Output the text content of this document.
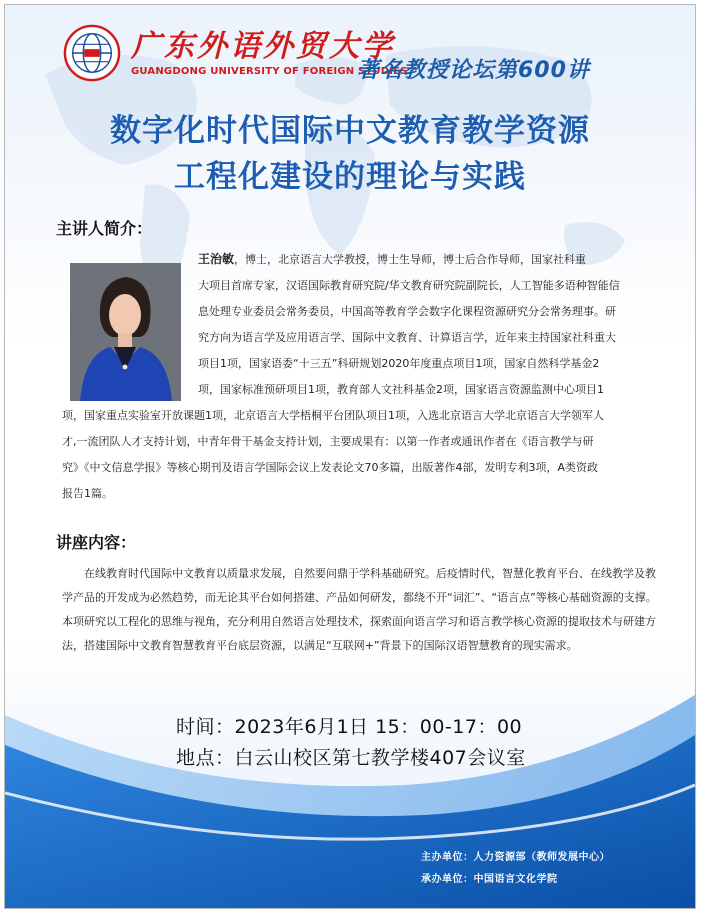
广东外语外贸大学
GUANGDONG UNIVERSITY OF FOREIGN STUDIES
著名教授论坛第600讲
数字化时代国际中文教育教学资源
工程化建设的理论与实践
主讲人简介：

王治敏，博士，北京语言大学教授，博士生导师，博士后合作导师，国家社科重

大项目首席专家，汉语国际教育研究院/华文教育研究院副院长，人工智能多语种智能信

息处理专业委员会常务委员，中国高等教育学会数字化课程资源研究分会常务理事。研

究方向为语言学及应用语言学、国际中文教育、计算语言学，近年来主持国家社科重大

项目1项，国家语委“十三五”科研规划2020年度重点项目1项，国家自然科学基金2

项，国家标准预研项目1项，教育部人文社科基金2项，国家语言资源监测中心项目1

项，国家重点实验室开放课题1项，北京语言大学梧桐平台团队项目1项，入选北京语言大学北京语言大学领军人

才,一流团队人才支持计划，中青年骨干基金支持计划，主要成果有：以第一作者或通讯作者在《语言教学与研

究》《中文信息学报》等核心期刊及语言学国际会议上发表论文70多篇，出版著作4部，发明专利3项，A类资政

报告1篇。

讲座内容：

在线教育时代国际中文教育以质量求发展，自然要问鼎于学科基础研究。后疫情时代，智慧化教育平台、在线教学及教学产品的开发成为必然趋势，而无论其平台如何搭建、产品如何研发，都绕不开“词汇”、“语言点”等核心基础资源的支撑。本项研究以工程化的思维与视角，充分利用自然语言处理技术，探索面向语言学习和语言教学核心资源的提取技术与研建方法，搭建国际中文教育智慧教育平台底层资源，以满足“互联网+”背景下的国际汉语智慧教育的现实需求。

时间：2023年6月1日 15：00-17：00
地点：白云山校区第七教学楼407会议室
主办单位：人力资源部（教师发展中心）
承办单位：中国语言文化学院
